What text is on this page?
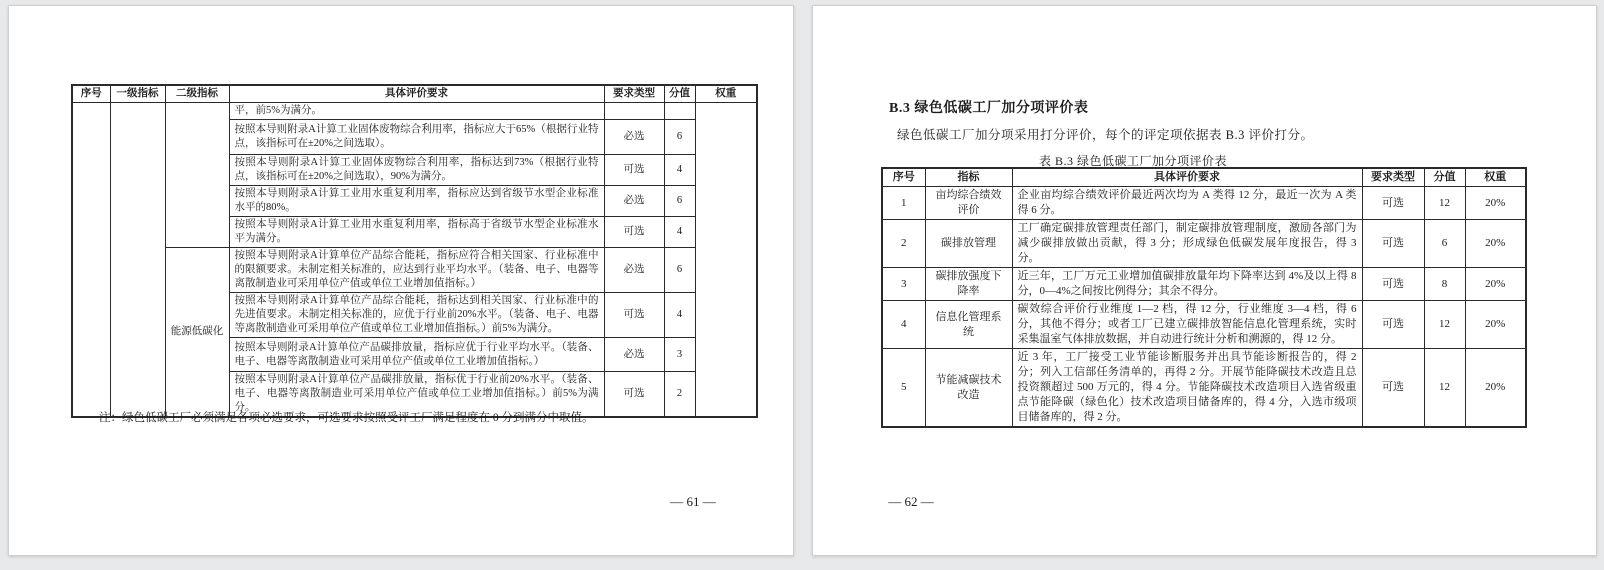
序号	一级指标	二级指标	具体评价要求	要求类型	分值	权重
			平，前5%为满分。			
			按照本导则附录A计算工业固体废物综合利用率，指标应大于65%（根据行业特点，该指标可在±20%之间选取）。	必选	6	
			按照本导则附录A计算工业固体废物综合利用率，指标达到73%（根据行业特点，该指标可在±20%之间选取），90%为满分。	可选	4	
			按照本导则附录A计算工业用水重复利用率，指标应达到省级节水型企业标准水平的80%。	必选	6	
			按照本导则附录A计算工业用水重复利用率，指标高于省级节水型企业标准水平为满分。	可选	4	
		能源低碳化	按照本导则附录A计算单位产品综合能耗，指标应符合相关国家、行业标准中的限额要求。未制定相关标准的，应达到行业平均水平。（装备、电子、电器等离散制造业可采用单位产值或单位工业增加值指标。）	必选	6	
			按照本导则附录A计算单位产品综合能耗，指标达到相关国家、行业标准中的先进值要求。未制定相关标准的，应优于行业前20%水平。（装备、电子、电器等离散制造业可采用单位产值或单位工业增加值指标。）前5%为满分。	可选	4	
			按照本导则附录A计算单位产品碳排放量，指标应优于行业平均水平。（装备、电子、电器等离散制造业可采用单位产值或单位工业增加值指标。）	必选	3	
			按照本导则附录A计算单位产品碳排放量，指标优于行业前20%水平。（装备、电子、电器等离散制造业可采用单位产值或单位工业增加值指标。）前5%为满分。	可选	2	
注：绿色低碳工厂必须满足各项必选要求，可选要求按照受评工厂满足程度在 0 分到满分中取值。
— 61 —
B.3 绿色低碳工厂加分项评价表
绿色低碳工厂加分项采用打分评价，每个的评定项依据表 B.3 评价打分。
表 B.3 绿色低碳工厂加分项评价表
序号	指标	具体评价要求	要求类型	分值	权重
1	亩均综合绩效评价	企业亩均综合绩效评价最近两次均为 A 类得 12 分，最近一次为 A 类得 6 分。	可选	12	20%
2	碳排放管理	工厂确定碳排放管理责任部门，制定碳排放管理制度，激励各部门为减少碳排放做出贡献，得 3 分；形成绿色低碳发展年度报告，得 3 分。	可选	6	20%
3	碳排放强度下降率	近三年，工厂万元工业增加值碳排放量年均下降率达到 4%及以上得 8 分，0—4%之间按比例得分；其余不得分。	可选	8	20%
4	信息化管理系统	碳效综合评价行业维度 1—2 档，得 12 分，行业维度 3—4 档，得 6 分，其他不得分；或者工厂已建立碳排放智能信息化管理系统，实时采集温室气体排放数据，并自动进行统计分析和溯源的，得 12 分。	可选	12	20%
5	节能减碳技术改造	近 3 年，工厂接受工业节能诊断服务并出具节能诊断报告的，得 2 分；列入工信部任务清单的，再得 2 分。开展节能降碳技术改造且总投资额超过 500 万元的，得 4 分。节能降碳技术改造项目入选省级重点节能降碳（绿色化）技术改造项目储备库的，得 4 分，入选市级项目储备库的，得 2 分。	可选	12	20%
— 62 —
